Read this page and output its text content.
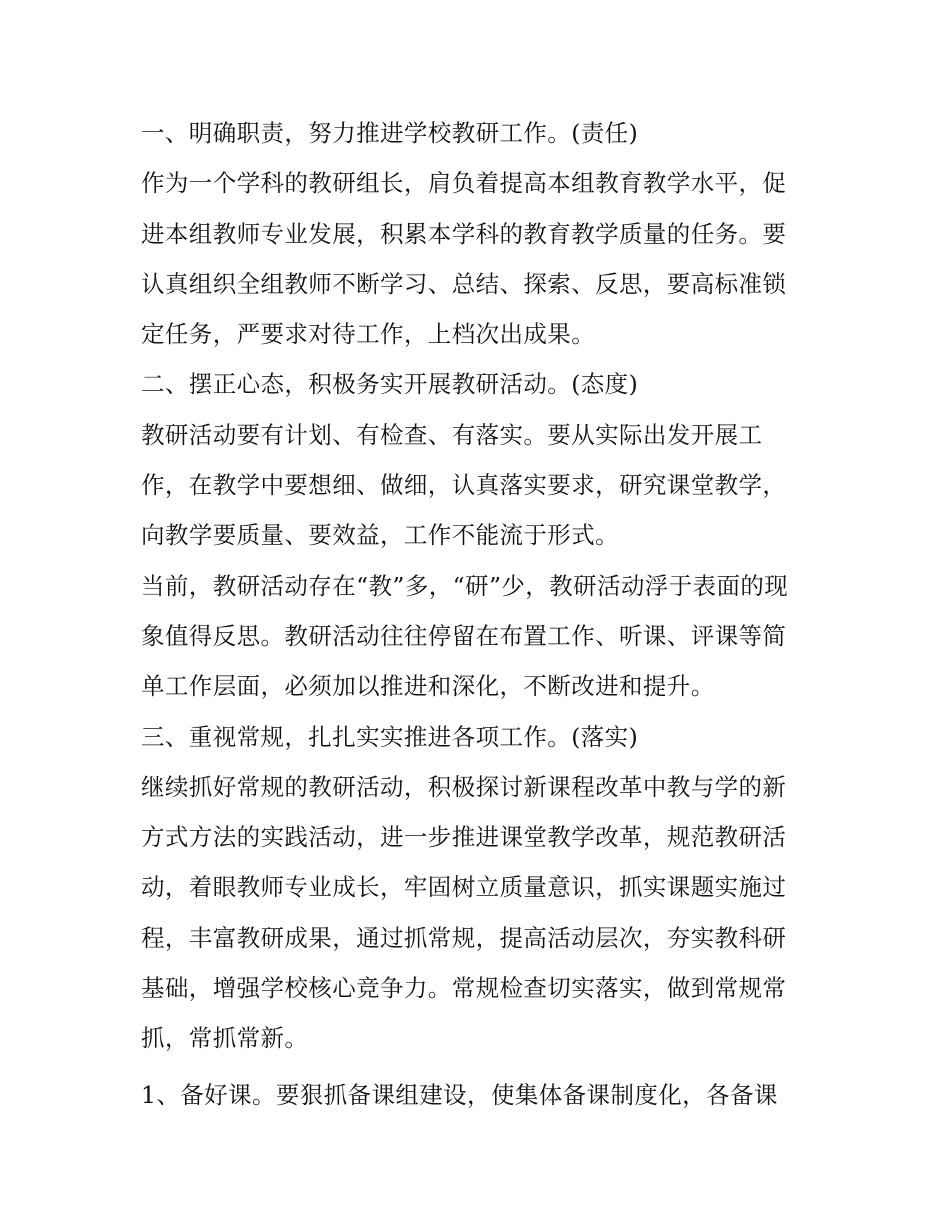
一、明确职责，努力推进学校教研工作。(责任)
作为一个学科的教研组长，肩负着提高本组教育教学水平，促
进本组教师专业发展，积累本学科的教育教学质量的任务。要
认真组织全组教师不断学习、总结、探索、反思，要高标准锁
定任务，严要求对待工作，上档次出成果。
二、摆正心态，积极务实开展教研活动。(态度)
教研活动要有计划、有检查、有落实。要从实际出发开展工
作，在教学中要想细、做细，认真落实要求，研究课堂教学，
向教学要质量、要效益，工作不能流于形式。
当前，教研活动存在“教”多，“研”少，教研活动浮于表面的现
象值得反思。教研活动往往停留在布置工作、听课、评课等简
单工作层面，必须加以推进和深化，不断改进和提升。
三、重视常规，扎扎实实推进各项工作。(落实)
继续抓好常规的教研活动，积极探讨新课程改革中教与学的新
方式方法的实践活动，进一步推进课堂教学改革，规范教研活
动，着眼教师专业成长，牢固树立质量意识，抓实课题实施过
程，丰富教研成果，通过抓常规，提高活动层次，夯实教科研
基础，增强学校核心竞争力。常规检查切实落实，做到常规常
抓，常抓常新。
1、备好课。要狠抓备课组建设，使集体备课制度化，各备课
